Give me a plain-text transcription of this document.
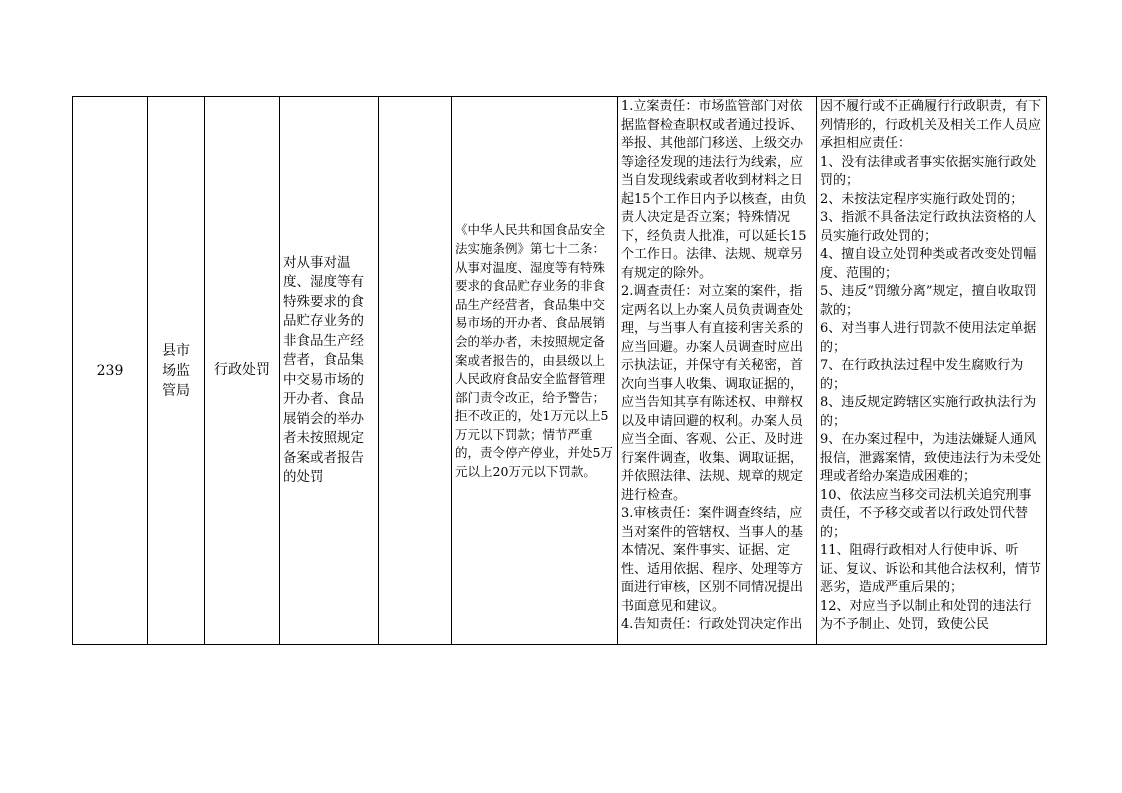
239
县市场监管局
行政处罚
对从事对温度、湿度等有特殊要求的食品贮存业务的非食品生产经营者，食品集中交易市场的开办者、食品展销会的举办者未按照规定备案或者报告的处罚
《中华人民共和国食品安全法实施条例》第七十二条：从事对温度、湿度等有特殊要求的食品贮存业务的非食品生产经营者，食品集中交易市场的开办者、食品展销会的举办者，未按照规定备案或者报告的，由县级以上人民政府食品安全监督管理部门责令改正，给予警告；拒不改正的，处1万元以上5万元以下罚款；情节严重的，责令停产停业，并处5万元以上20万元以下罚款。
1.立案责任：市场监管部门对依据监督检查职权或者通过投诉、举报、其他部门移送、上级交办等途径发现的违法行为线索，应当自发现线索或者收到材料之日起15个工作日内予以核查，由负责人决定是否立案；特殊情况下，经负责人批准，可以延长15个工作日。法律、法规、规章另有规定的除外。
2.调查责任：对立案的案件，指定两名以上办案人员负责调查处理，与当事人有直接利害关系的应当回避。办案人员调查时应出示执法证，并保守有关秘密，首次向当事人收集、调取证据的，应当告知其享有陈述权、申辩权以及申请回避的权利。办案人员应当全面、客观、公正、及时进行案件调查，收集、调取证据，并依照法律、法规、规章的规定进行检查。
3.审核责任：案件调查终结，应当对案件的管辖权、当事人的基本情况、案件事实、证据、定性、适用依据、程序、处理等方面进行审核，区别不同情况提出书面意见和建议。
4.告知责任：行政处罚决定作出
因不履行或不正确履行行政职责，有下列情形的，行政机关及相关工作人员应承担相应责任：
1、没有法律或者事实依据实施行政处罚的；
2、未按法定程序实施行政处罚的；
3、指派不具备法定行政执法资格的人员实施行政处罚的；
4、擅自设立处罚种类或者改变处罚幅度、范围的；
5、违反“罚缴分离”规定，擅自收取罚款的；
6、对当事人进行罚款不使用法定单据的；
7、在行政执法过程中发生腐败行为的；
8、违反规定跨辖区实施行政执法行为的；
9、在办案过程中，为违法嫌疑人通风报信，泄露案情，致使违法行为未受处理或者给办案造成困难的；
10、依法应当移交司法机关追究刑事责任，不予移交或者以行政处罚代替的；
11、阻碍行政相对人行使申诉、听证、复议、诉讼和其他合法权利，情节恶劣，造成严重后果的；
12、对应当予以制止和处罚的违法行为不予制止、处罚，致使公民
